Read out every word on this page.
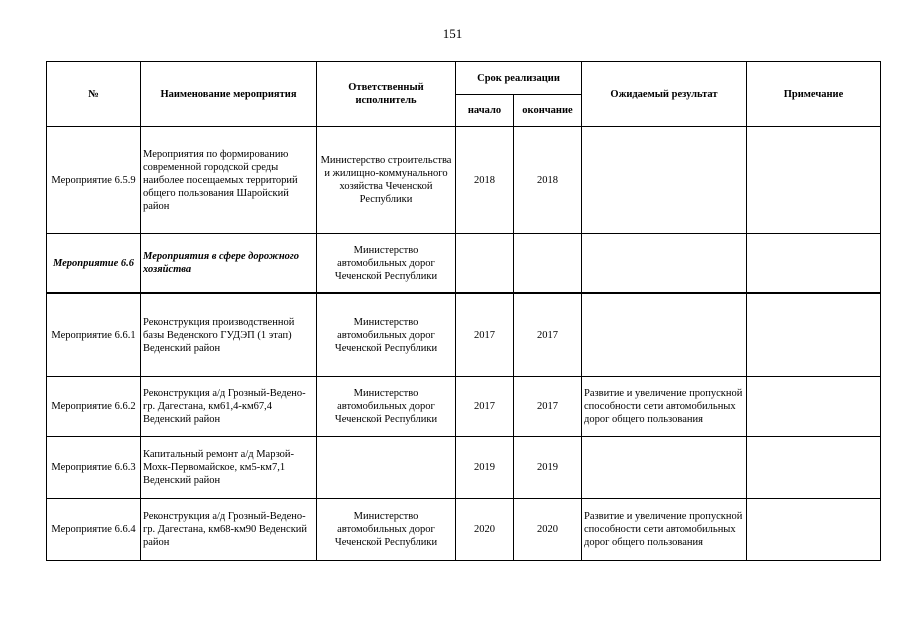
151
№	Наименование мероприятия	Ответственный исполнитель	Срок реализации		Ожидаемый результат	Примечание
			начало	окончание		
Мероприятие 6.5.9	Мероприятия по формированию современной городской среды наиболее посещаемых территорий общего пользования Шаройский район	Министерство строительства и жилищно-коммунального хозяйства Чеченской Республики	2018	2018		
Мероприятие 6.6	Мероприятия в сфере дорожного хозяйства	Министерство автомобильных дорог Чеченской Республики				
Мероприятие 6.6.1	Реконструкция производственной базы Веденского ГУДЭП (1 этап) Веденский район	Министерство автомобильных дорог Чеченской Республики	2017	2017		
Мероприятие 6.6.2	Реконструкция а/д Грозный-Ведено-гр. Дагестана, км61,4-км67,4 Веденский район	Министерство автомобильных дорог Чеченской Республики	2017	2017	Развитие и увеличение пропускной способности сети автомобильных дорог общего пользования	
Мероприятие 6.6.3	Капитальный ремонт а/д Марзой-Мохк-Первомайское, км5-км7,1 Веденский район		2019	2019		
Мероприятие 6.6.4	Реконструкция а/д Грозный-Ведено-гр. Дагестана, км68-км90 Веденский район	Министерство автомобильных дорог Чеченской Республики	2020	2020	Развитие и увеличение пропускной способности сети автомобильных дорог общего пользования	
